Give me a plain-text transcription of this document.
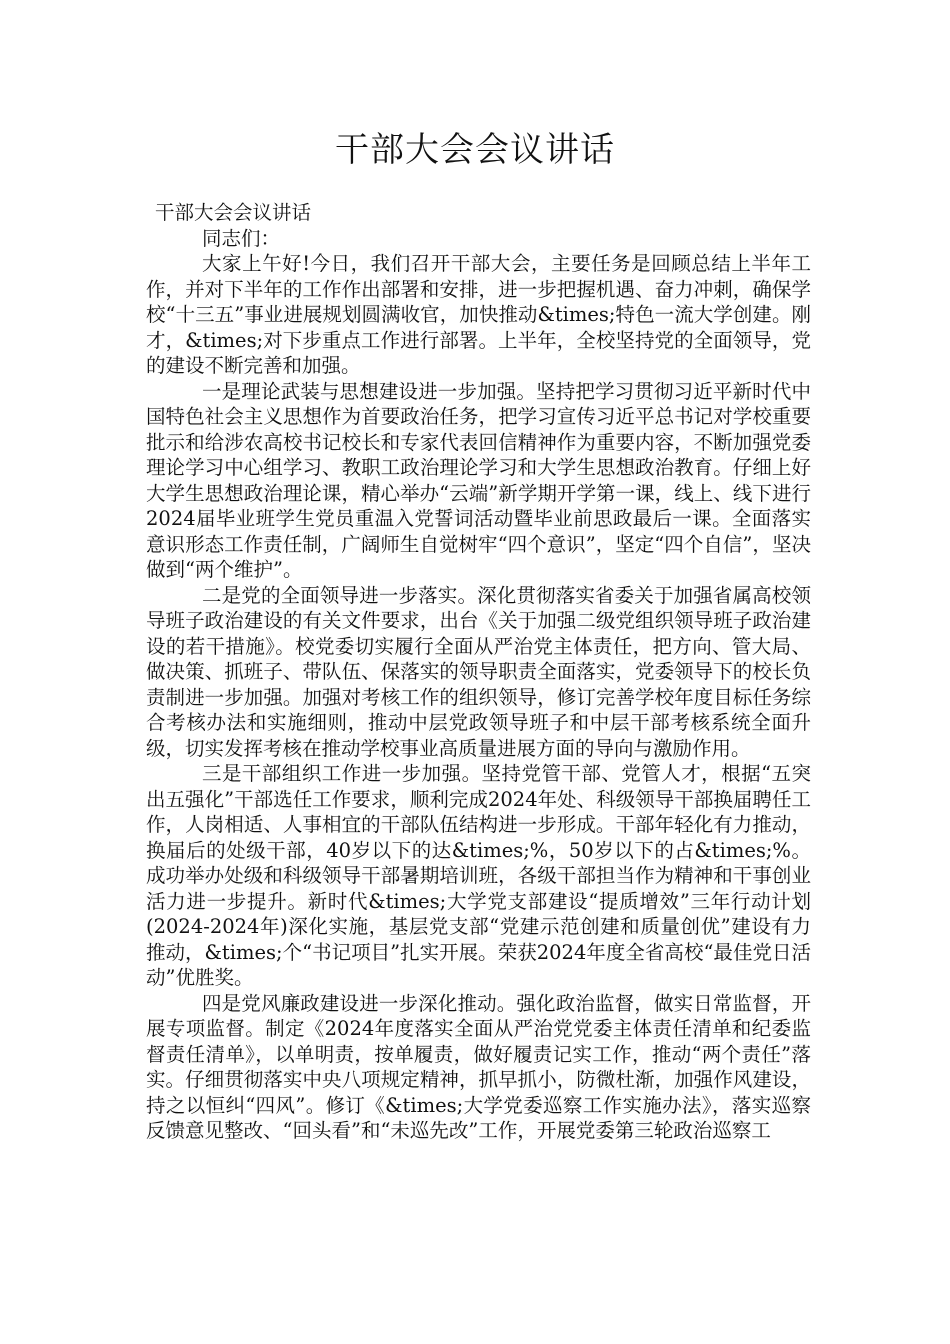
干部大会会议讲话

干部大会会议讲话

同志们：

大家上午好!今日，我们召开干部大会，主要任务是回顾总结上半年工作，并对下半年的工作作出部署和安排，进一步把握机遇、奋力冲刺，确保学校“十三五”事业进展规划圆满收官，加快推动&times;特色一流大学创建。刚才，&times;对下步重点工作进行部署。上半年，全校坚持党的全面领导，党的建设不断完善和加强。

一是理论武装与思想建设进一步加强。坚持把学习贯彻习近平新时代中国特色社会主义思想作为首要政治任务，把学习宣传习近平总书记对学校重要批示和给涉农高校书记校长和专家代表回信精神作为重要内容，不断加强党委理论学习中心组学习、教职工政治理论学习和大学生思想政治教育。仔细上好大学生思想政治理论课，精心举办“云端”新学期开学第一课，线上、线下进行2024届毕业班学生党员重温入党誓词活动暨毕业前思政最后一课。全面落实意识形态工作责任制，广阔师生自觉树牢“四个意识”，坚定“四个自信”，坚决做到“两个维护”。

二是党的全面领导进一步落实。深化贯彻落实省委关于加强省属高校领导班子政治建设的有关文件要求，出台《关于加强二级党组织领导班子政治建设的若干措施》。校党委切实履行全面从严治党主体责任，把方向、管大局、做决策、抓班子、带队伍、保落实的领导职责全面落实，党委领导下的校长负责制进一步加强。加强对考核工作的组织领导，修订完善学校年度目标任务综合考核办法和实施细则，推动中层党政领导班子和中层干部考核系统全面升级，切实发挥考核在推动学校事业高质量进展方面的导向与激励作用。

三是干部组织工作进一步加强。坚持党管干部、党管人才，根据“五突出五强化”干部选任工作要求，顺利完成2024年处、科级领导干部换届聘任工作，人岗相适、人事相宜的干部队伍结构进一步形成。干部年轻化有力推动，换届后的处级干部，40岁以下的达&times;%，50岁以下的占&times;%。成功举办处级和科级领导干部暑期培训班，各级干部担当作为精神和干事创业活力进一步提升。新时代&times;大学党支部建设“提质增效”三年行动计划(2024-2024年)深化实施，基层党支部“党建示范创建和质量创优”建设有力推动，&times;个“书记项目”扎实开展。荣获2024年度全省高校“最佳党日活动”优胜奖。

四是党风廉政建设进一步深化推动。强化政治监督，做实日常监督，开展专项监督。制定《2024年度落实全面从严治党党委主体责任清单和纪委监督责任清单》，以单明责，按单履责，做好履责记实工作，推动“两个责任”落实。仔细贯彻落实中央八项规定精神，抓早抓小，防微杜渐，加强作风建设，持之以恒纠“四风”。修订《&times;大学党委巡察工作实施办法》，落实巡察反馈意见整改、“回头看”和“未巡先改”工作，开展党委第三轮政治巡察工
